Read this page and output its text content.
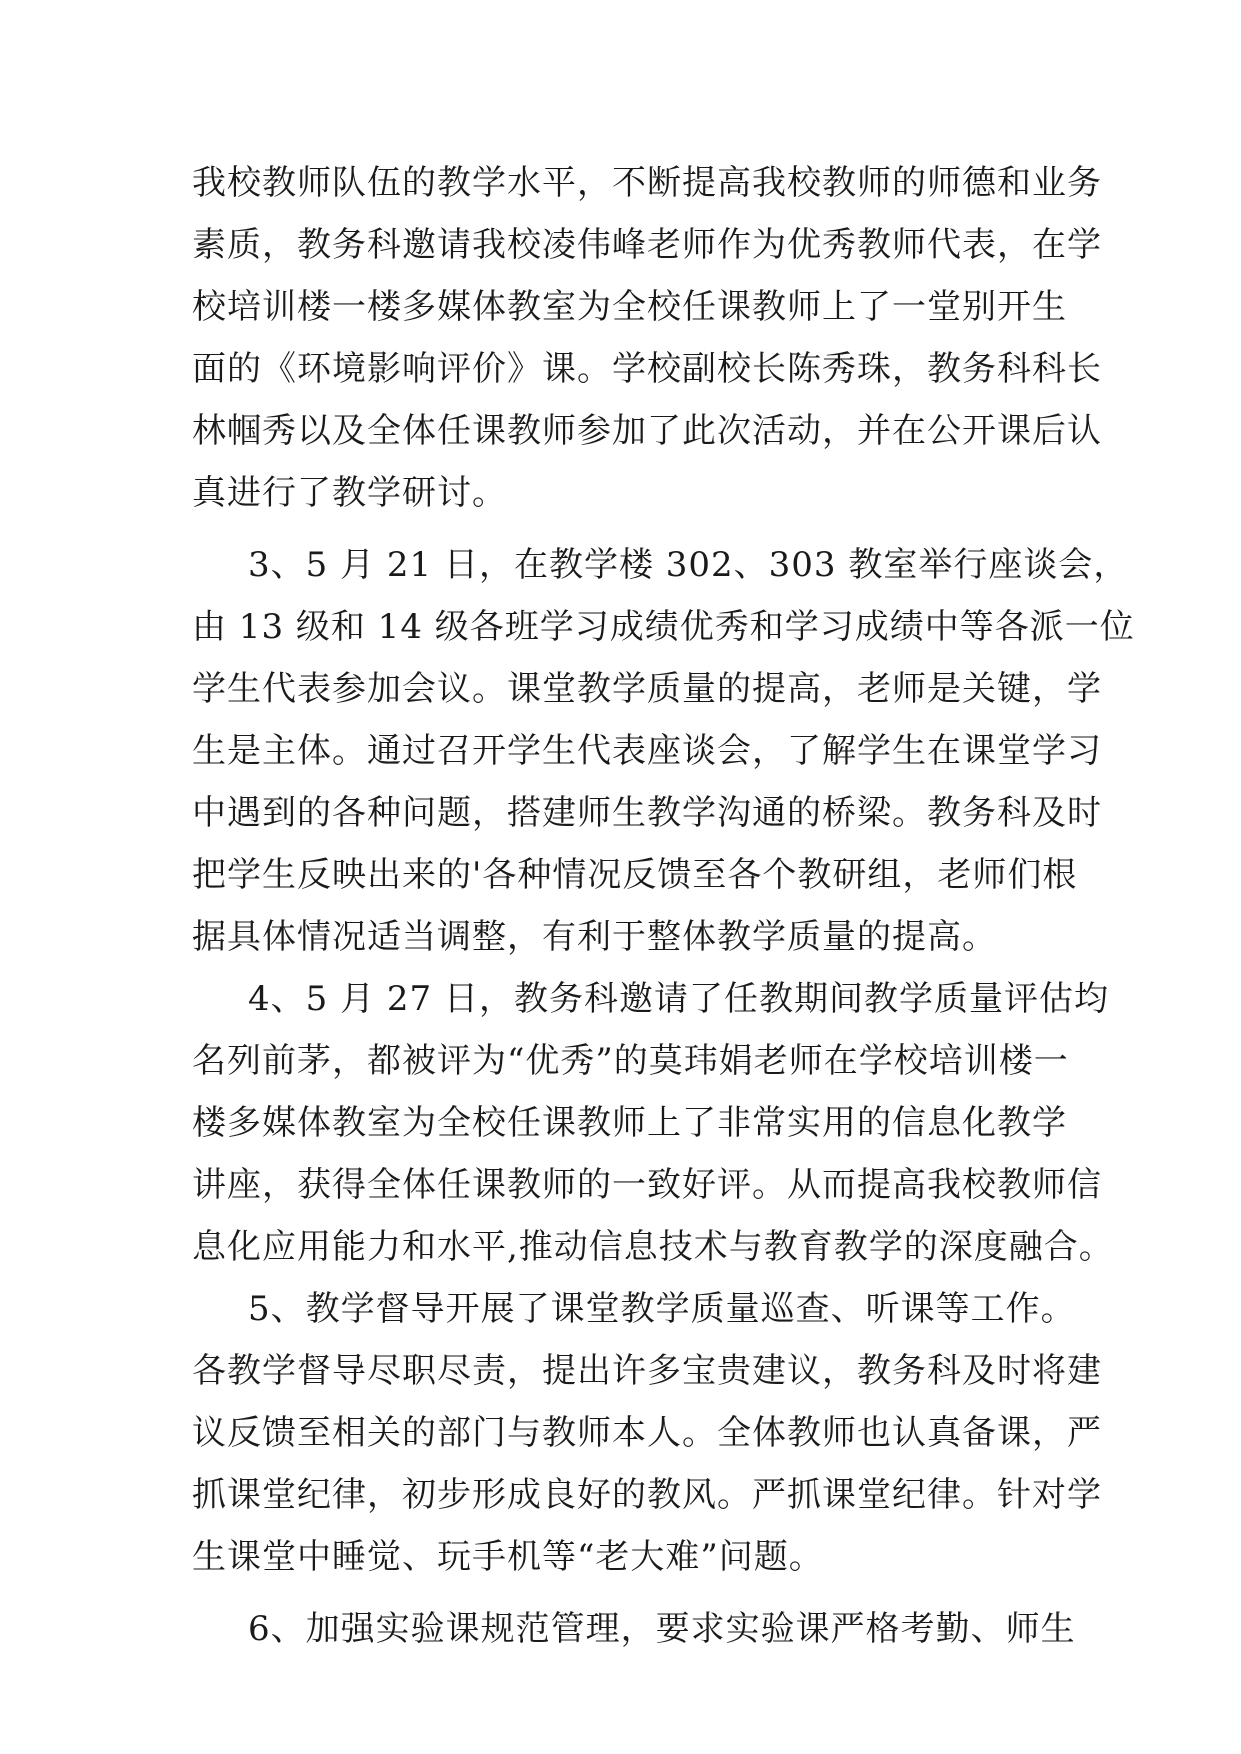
我校教师队伍的教学水平，不断提高我校教师的师德和业务
素质，教务科邀请我校凌伟峰老师作为优秀教师代表，在学
校培训楼一楼多媒体教室为全校任课教师上了一堂别开生
面的《环境影响评价》课。学校副校长陈秀珠，教务科科长
林帼秀以及全体任课教师参加了此次活动，并在公开课后认
真进行了教学研讨。
3、5 月 21 日，在教学楼 302、303 教室举行座谈会，
由 13 级和 14 级各班学习成绩优秀和学习成绩中等各派一位
学生代表参加会议。课堂教学质量的提高，老师是关键，学
生是主体。通过召开学生代表座谈会，了解学生在课堂学习
中遇到的各种问题，搭建师生教学沟通的桥梁。教务科及时
把学生反映出来的'各种情况反馈至各个教研组，老师们根
据具体情况适当调整，有利于整体教学质量的提高。
4、5 月 27 日，教务科邀请了任教期间教学质量评估均
名列前茅，都被评为“优秀”的莫玮娟老师在学校培训楼一
楼多媒体教室为全校任课教师上了非常实用的信息化教学
讲座，获得全体任课教师的一致好评。从而提高我校教师信
息化应用能力和水平,推动信息技术与教育教学的深度融合。
5、教学督导开展了课堂教学质量巡查、听课等工作。
各教学督导尽职尽责，提出许多宝贵建议，教务科及时将建
议反馈至相关的部门与教师本人。全体教师也认真备课，严
抓课堂纪律，初步形成良好的教风。严抓课堂纪律。针对学
生课堂中睡觉、玩手机等“老大难”问题。
6、加强实验课规范管理，要求实验课严格考勤、师生
